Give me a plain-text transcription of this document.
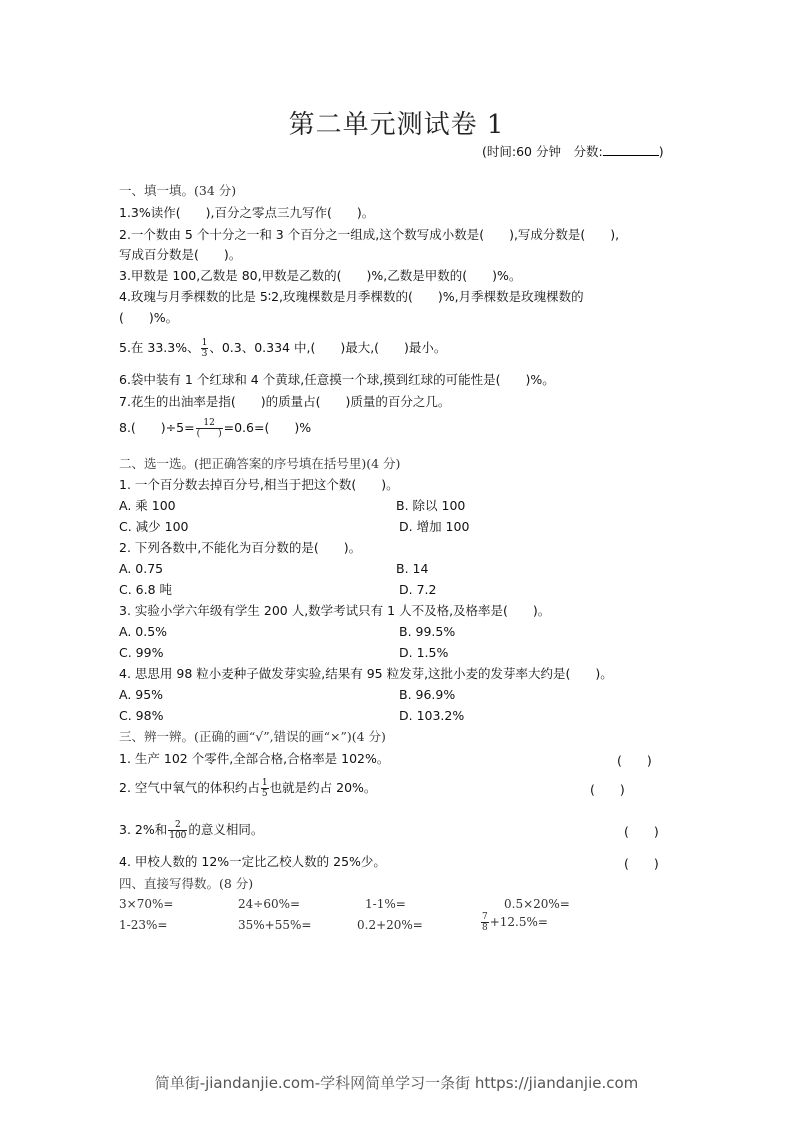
第二单元测试卷 1
(时间:60 分钟　分数:	)
一、填一填。(34 分)
1.3%读作(　　),百分之零点三九写作(　　)。
2.一个数由 5 个十分之一和 3 个百分之一组成,这个数写成小数是(　　),写成分数是(　　),
写成百分数是(　　)。
3.甲数是 100,乙数是 80,甲数是乙数的(　　)%,乙数是甲数的(　　)%。
4.玫瑰与月季棵数的比是 5∶2,玫瑰棵数是月季棵数的(　　)%,月季棵数是玫瑰棵数的
(　　)%。
5.在 33.3%、 $\frac{1}{3}$ 、0.3、0.334 中,(　　)最大,(　　)最小。
6.袋中装有 1 个红球和 4 个黄球,任意摸一个球,摸到红球的可能性是(　　)%。
7.花生的出油率是指(　　)的质量占(　　)质量的百分之几。
8.(　　)$\div 5= \frac{12}{( )} =0.6=$(　　)%
二、选一选。(把正确答案的序号填在括号里)(4 分)
1. 一个百分数去掉百分号,相当于把这个数(　　)。
A. 乘 100	B. 除以 100
C. 减少 100	D. 增加 100
2. 下列各数中,不能化为百分数的是(　　)。
A. 0.75	B. 14
C. 6.8 吨	D. 7.2
3. 实验小学六年级有学生 200 人,数学考试只有 1 人不及格,及格率是(　　)。
A. 0.5%	B. 99.5%
C. 99%	D. 1.5%
4. 思思用 98 粒小麦种子做发芽实验,结果有 95 粒发芽,这批小麦的发芽率大约是(　　)。
A. 95%	B. 96.9%
C. 98%	D. 103.2%
三、辨一辨。(正确的画“√”,错误的画“×”)(4 分)
1. 生产 102 个零件,全部合格,合格率是 102%。	(　　)
2. 空气中氧气的体积约占 $\frac{1}{5}$ 也就是约占 20%。	(　　)
3. 2%和 $\frac{2}{100}$ 的意义相同。	(　　)
4. 甲校人数的 12%一定比乙校人数的 25%少。	(　　)
四、直接写得数。(8 分)
3×70%=	24÷60%=	1-1%=	0.5×20%=
1-23%=	35%+55%=	0.2+20%=	$\frac{7}{8} +12.5\%=$
简单街-jiandanjie.com-学科网简单学习一条街 https://jiandanjie.com
